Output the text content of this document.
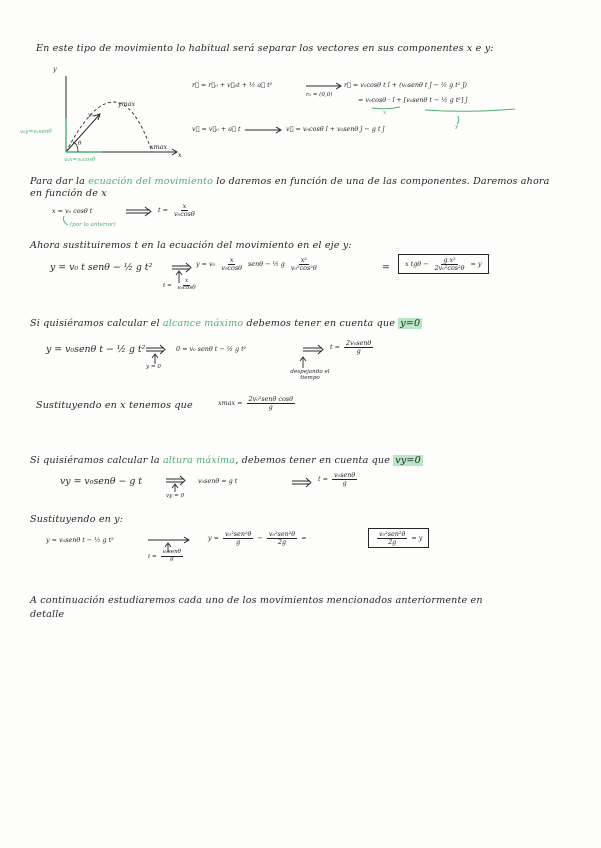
En este tipo de movimiento lo habitual será separar los vectores en sus componentes x e y:
y
x
v₀
ymax
xmax
θ
v₀y=v₀senθ
v₀x=v₀cosθ
r⃗ = r⃗₀ + v⃗₀t + ½ a⃗ t²
r₀ = (0,0)
r⃗ = v₀cosθ t î + (v₀senθ t ĵ − ½ g t² ĵ)
= v₀cosθ · î + [v₀senθ t − ½ g t²] ĵ
x
y
v⃗ = v⃗₀ + a⃗ t	v⃗ = v₀cosθ î + v₀senθ ĵ − g t ĵ
Para dar la ecuación del movimiento lo daremos en función de una de las componentes. Daremos ahora
en función de x
x = v₀ cosθ t	$t = \frac{x}{\text{v₀cosθ}}$
(por lo anterior)
Ahora sustituiremos t en la ecuación del movimiento en el eje y:
y = v₀ t senθ − ½ g t²	$y = v_0 \frac{x}{\text{v₀cosθ}}$ senθ − ½ g $\frac{\text{x²}}{\text{v₀²cos²θ}}$	=	x $tg\theta - \frac{\text{g x²}}{\text{2v₀²cos²θ}} = y$
$t = \frac{x}{\text{v₀cosθ}}$
Si quisiéramos calcular el alcance máximo debemos tener en cuenta que y=0
y = v₀senθ t − ½ g t²
y = 0
0 = v₀ senθ t − ½ g t²
despejando el tiempo
$t = \frac{\text{2v₀senθ}}{g}$
Sustituyendo en x tenemos que	$xmax = \frac{\text{2v₀²senθ cosθ}}{g}$
Si quisiéramos calcular la altura máxima, debemos tener en cuenta que vy=0
vy = v₀senθ − g t
vy = 0
v₀senθ = g t	$t = \frac{\text{v₀senθ}}{g}$
Sustituyendo en y:
y = v₀senθ t − ½ g t²
$t = \frac{\text{v₀senθ}}{g}$
$y = \frac{\text{v₀²sen²θ}}{g} - \frac{\text{v₀²sen²θ}}{2g}$ =	$\frac{\text{v₀²sen²θ}}{2g} = y$
A continuación estudiaremos cada uno de los movimientos mencionados anteriormente en detalle
